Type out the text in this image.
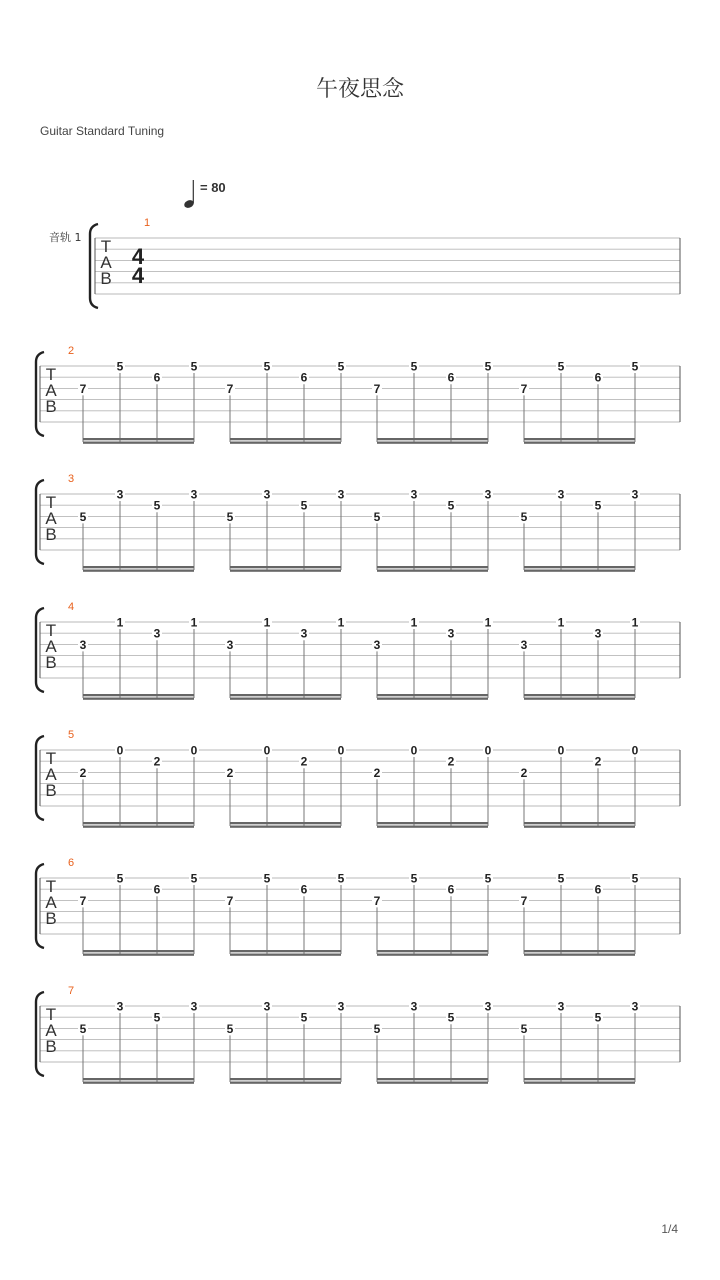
午夜思念
Guitar Standard Tuning
= 80
音轨 1 T
A
B
1
4
4
T
A
B
2
7
5
6
5
7
5
6
5
7
5
6
5
7
5
6
5
T
A
B
3
5
3
5
3
5
3
5
3
5
3
5
3
5
3
5
3
T
A
B
4
3
1
3
1
3
1
3
1
3
1
3
1
3
1
3
1
T
A
B
5
2
0
2
0
2
0
2
0
2
0
2
0
2
0
2
0
T
A
B
6
7
5
6
5
7
5
6
5
7
5
6
5
7
5
6
5
T
A
B
7
5
3
5
3
5
3
5
3
5
3
5
3
5
3
5
3
1/4
